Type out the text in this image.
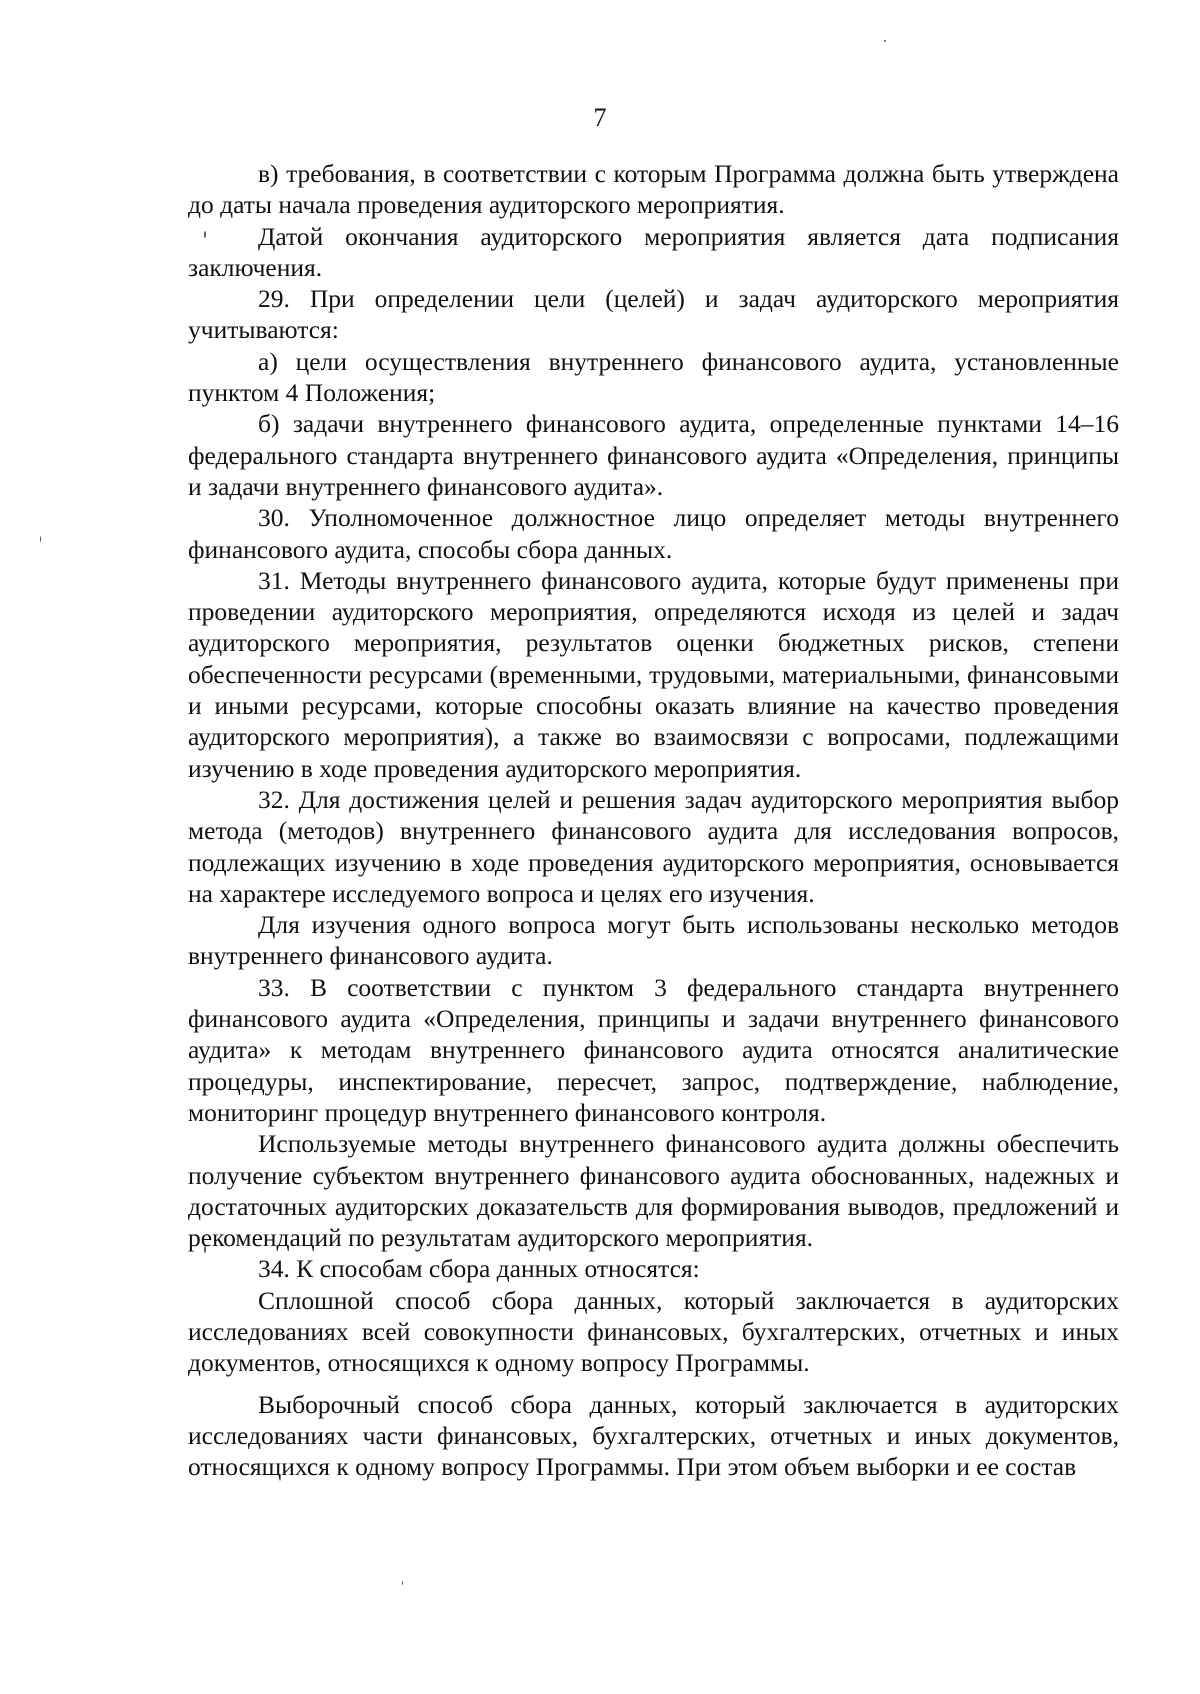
7

в) требования, в соответствии с которым Программа должна быть утверждена до даты начала проведения аудиторского мероприятия.

Датой окончания аудиторского мероприятия является дата подписания заключения.

29. При определении цели (целей) и задач аудиторского мероприятия учитываются:

а) цели осуществления внутреннего финансового аудита, установленные пунктом 4 Положения;

б) задачи внутреннего финансового аудита, определенные пунктами 14–16 федерального стандарта внутреннего финансового аудита «Определения, принципы и задачи внутреннего финансового аудита».

30. Уполномоченное должностное лицо определяет методы внутреннего финансового аудита, способы сбора данных.

31. Методы внутреннего финансового аудита, которые будут применены при проведении аудиторского мероприятия, определяются исходя из целей и задач аудиторского мероприятия, результатов оценки бюджетных рисков, степени обеспеченности ресурсами (временными, трудовыми, материальными, финансовыми и иными ресурсами, которые способны оказать влияние на качество проведения аудиторского мероприятия), а также во взаимосвязи с вопросами, подлежащими изучению в ходе проведения аудиторского мероприятия.

32. Для достижения целей и решения задач аудиторского мероприятия выбор метода (методов) внутреннего финансового аудита для исследования вопросов, подлежащих изучению в ходе проведения аудиторского мероприятия, основывается на характере исследуемого вопроса и целях его изучения.

Для изучения одного вопроса могут быть использованы несколько методов внутреннего финансового аудита.

33. В соответствии с пунктом 3 федерального стандарта внутреннего финансового аудита «Определения, принципы и задачи внутреннего финансового аудита» к методам внутреннего финансового аудита относятся аналитические процедуры, инспектирование, пересчет, запрос, подтверждение, наблюдение, мониторинг процедур внутреннего финансового контроля.

Используемые методы внутреннего финансового аудита должны обеспечить получение субъектом внутреннего финансового аудита обоснованных, надежных и достаточных аудиторских доказательств для формирования выводов, предложений и рекомендаций по результатам аудиторского мероприятия.

34. К способам сбора данных относятся:

Сплошной способ сбора данных, который заключается в аудиторских исследованиях всей совокупности финансовых, бухгалтерских, отчетных и иных документов, относящихся к одному вопросу Программы.

Выборочный способ сбора данных, который заключается в аудиторских исследованиях части финансовых, бухгалтерских, отчетных и иных документов, относящихся к одному вопросу Программы. При этом объем выборки и ее состав
